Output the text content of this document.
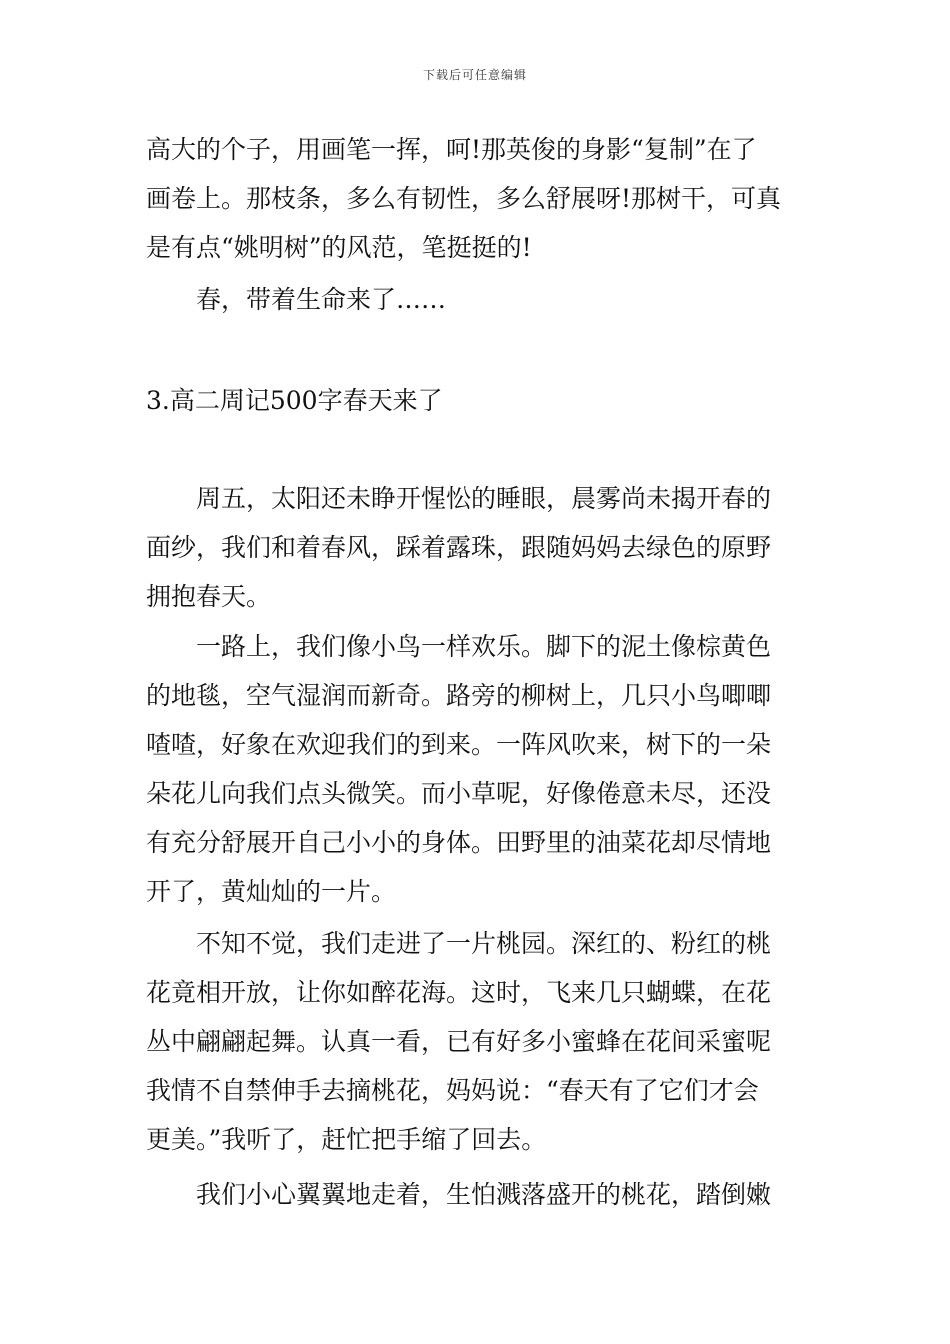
下载后可任意编辑

高大的个子，用画笔一挥，呵!那英俊的身影“复制”在了
画卷上。那枝条，多么有韧性，多么舒展呀!那树干，可真
是有点“姚明树”的风范，笔挺挺的!

春，带着生命来了……

3.高二周记500字春天来了

周五，太阳还未睁开惺忪的睡眼，晨雾尚未揭开春的
面纱，我们和着春风，踩着露珠，跟随妈妈去绿色的原野
拥抱春天。

一路上，我们像小鸟一样欢乐。脚下的泥土像棕黄色
的地毯，空气湿润而新奇。路旁的柳树上，几只小鸟唧唧
喳喳，好象在欢迎我们的到来。一阵风吹来，树下的一朵
朵花儿向我们点头微笑。而小草呢，好像倦意未尽，还没
有充分舒展开自己小小的身体。田野里的油菜花却尽情地
开了，黄灿灿的一片。

不知不觉，我们走进了一片桃园。深红的、粉红的桃
花竟相开放，让你如醉花海。这时，飞来几只蝴蝶，在花
丛中翩翩起舞。认真一看，已有好多小蜜蜂在花间采蜜呢
我情不自禁伸手去摘桃花，妈妈说：“春天有了它们才会
更美。”我听了，赶忙把手缩了回去。

我们小心翼翼地走着，生怕溅落盛开的桃花，踏倒嫩
